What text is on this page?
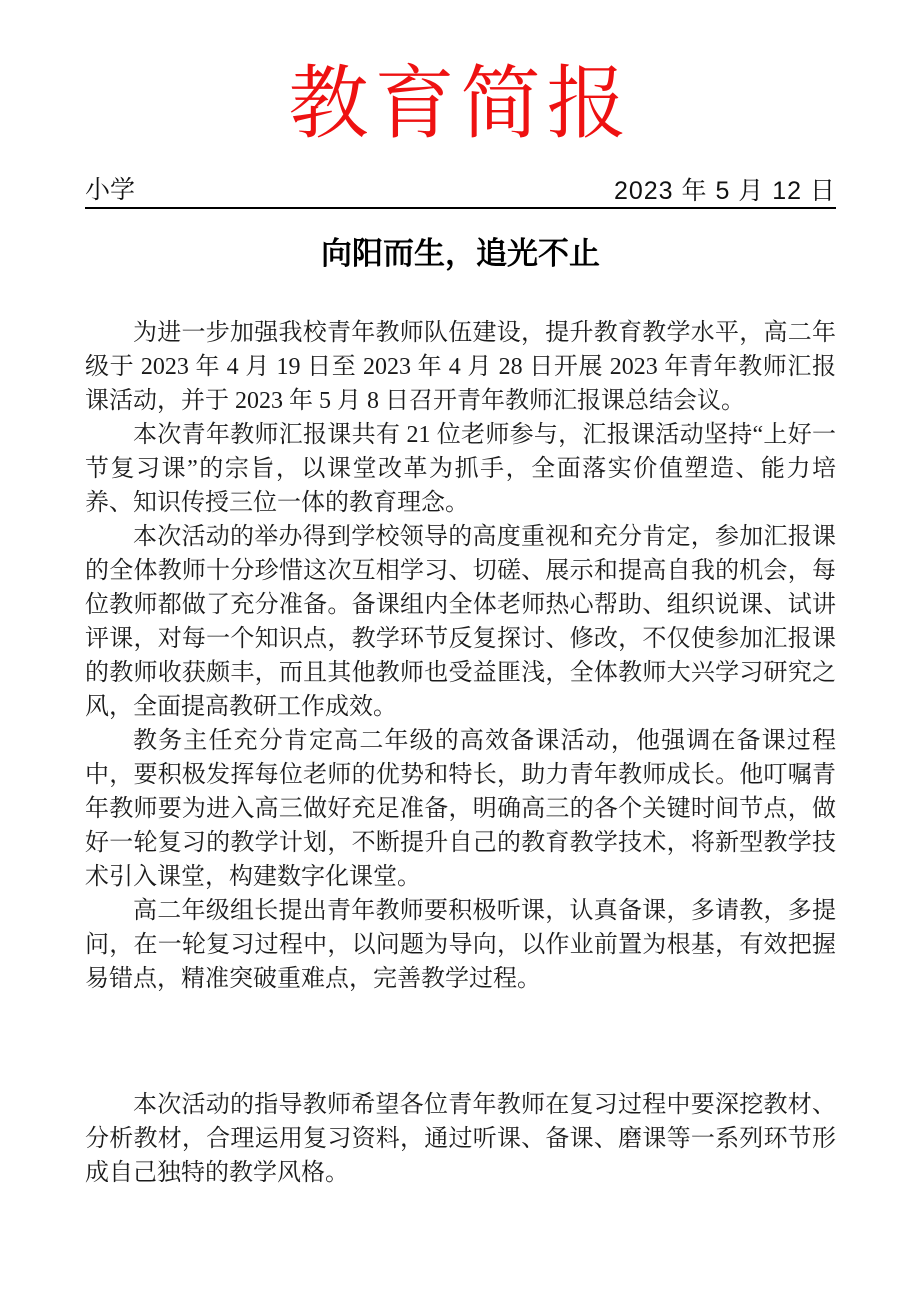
教育简报
小学	2023 年 5 月 12 日
向阳而生，追光不止

为进一步加强我校青年教师队伍建设，提升教育教学水平，高二年级于 2023 年 4 月 19 日至 2023 年 4 月 28 日开展 2023 年青年教师汇报课活动，并于 2023 年 5 月 8 日召开青年教师汇报课总结会议。

本次青年教师汇报课共有 21 位老师参与，汇报课活动坚持“上好一节复习课”的宗旨，以课堂改革为抓手，全面落实价值塑造、能力培养、知识传授三位一体的教育理念。

本次活动的举办得到学校领导的高度重视和充分肯定，参加汇报课的全体教师十分珍惜这次互相学习、切磋、展示和提高自我的机会，每位教师都做了充分准备。备课组内全体老师热心帮助、组织说课、试讲评课，对每一个知识点，教学环节反复探讨、修改，不仅使参加汇报课的教师收获颇丰，而且其他教师也受益匪浅，全体教师大兴学习研究之风，全面提高教研工作成效。

教务主任充分肯定高二年级的高效备课活动，他强调在备课过程中，要积极发挥每位老师的优势和特长，助力青年教师成长。他叮嘱青年教师要为进入高三做好充足准备，明确高三的各个关键时间节点，做好一轮复习的教学计划，不断提升自己的教育教学技术，将新型教学技术引入课堂，构建数字化课堂。

高二年级组长提出青年教师要积极听课，认真备课，多请教，多提问，在一轮复习过程中，以问题为导向，以作业前置为根基，有效把握易错点，精准突破重难点，完善教学过程。

本次活动的指导教师希望各位青年教师在复习过程中要深挖教材、分析教材，合理运用复习资料，通过听课、备课、磨课等一系列环节形成自己独特的教学风格。
